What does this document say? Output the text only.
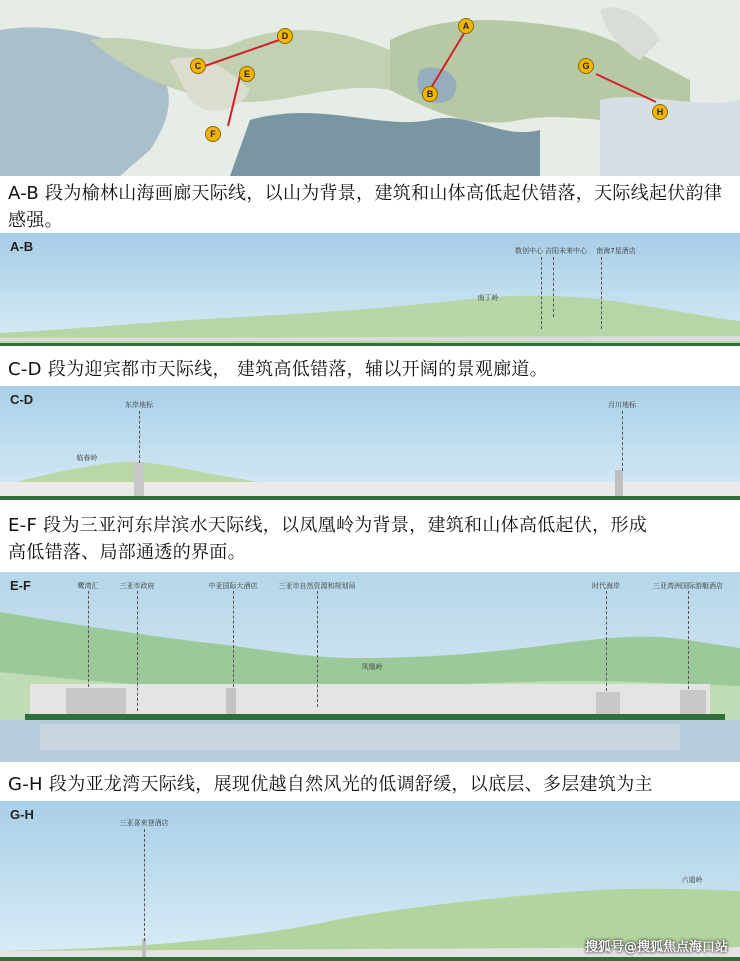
A
B
C
D
E
F
G
H
A-B 段为榆林山海画廊天际线，以山为背景，建筑和山体高低起伏错落，天际线起伏韵律感强。
A-B	数创中心 吉阳未来中心 南海7星酒店
南丁岭
C-D 段为迎宾都市天际线， 建筑高低错落，辅以开阔的景观廊道。
C-D	东岸地标	月川地标
临春岭
E-F 段为三亚河东岸滨水天际线，以凤凰岭为背景，建筑和山体高低起伏，形成高低错落、局部通透的界面。
E-F	鹭湾汇	三亚市政府	中亚国际大酒店	三亚市自然资源和规划局	时代海岸	三亚湾洲国际游艇酒店
凤凰岭
G-H 段为亚龙湾天际线，展现优越自然风光的低调舒缓，以底层、多层建筑为主
G-H
三亚喜来登酒店
六道岭
搜狐号@搜狐焦点海口站
